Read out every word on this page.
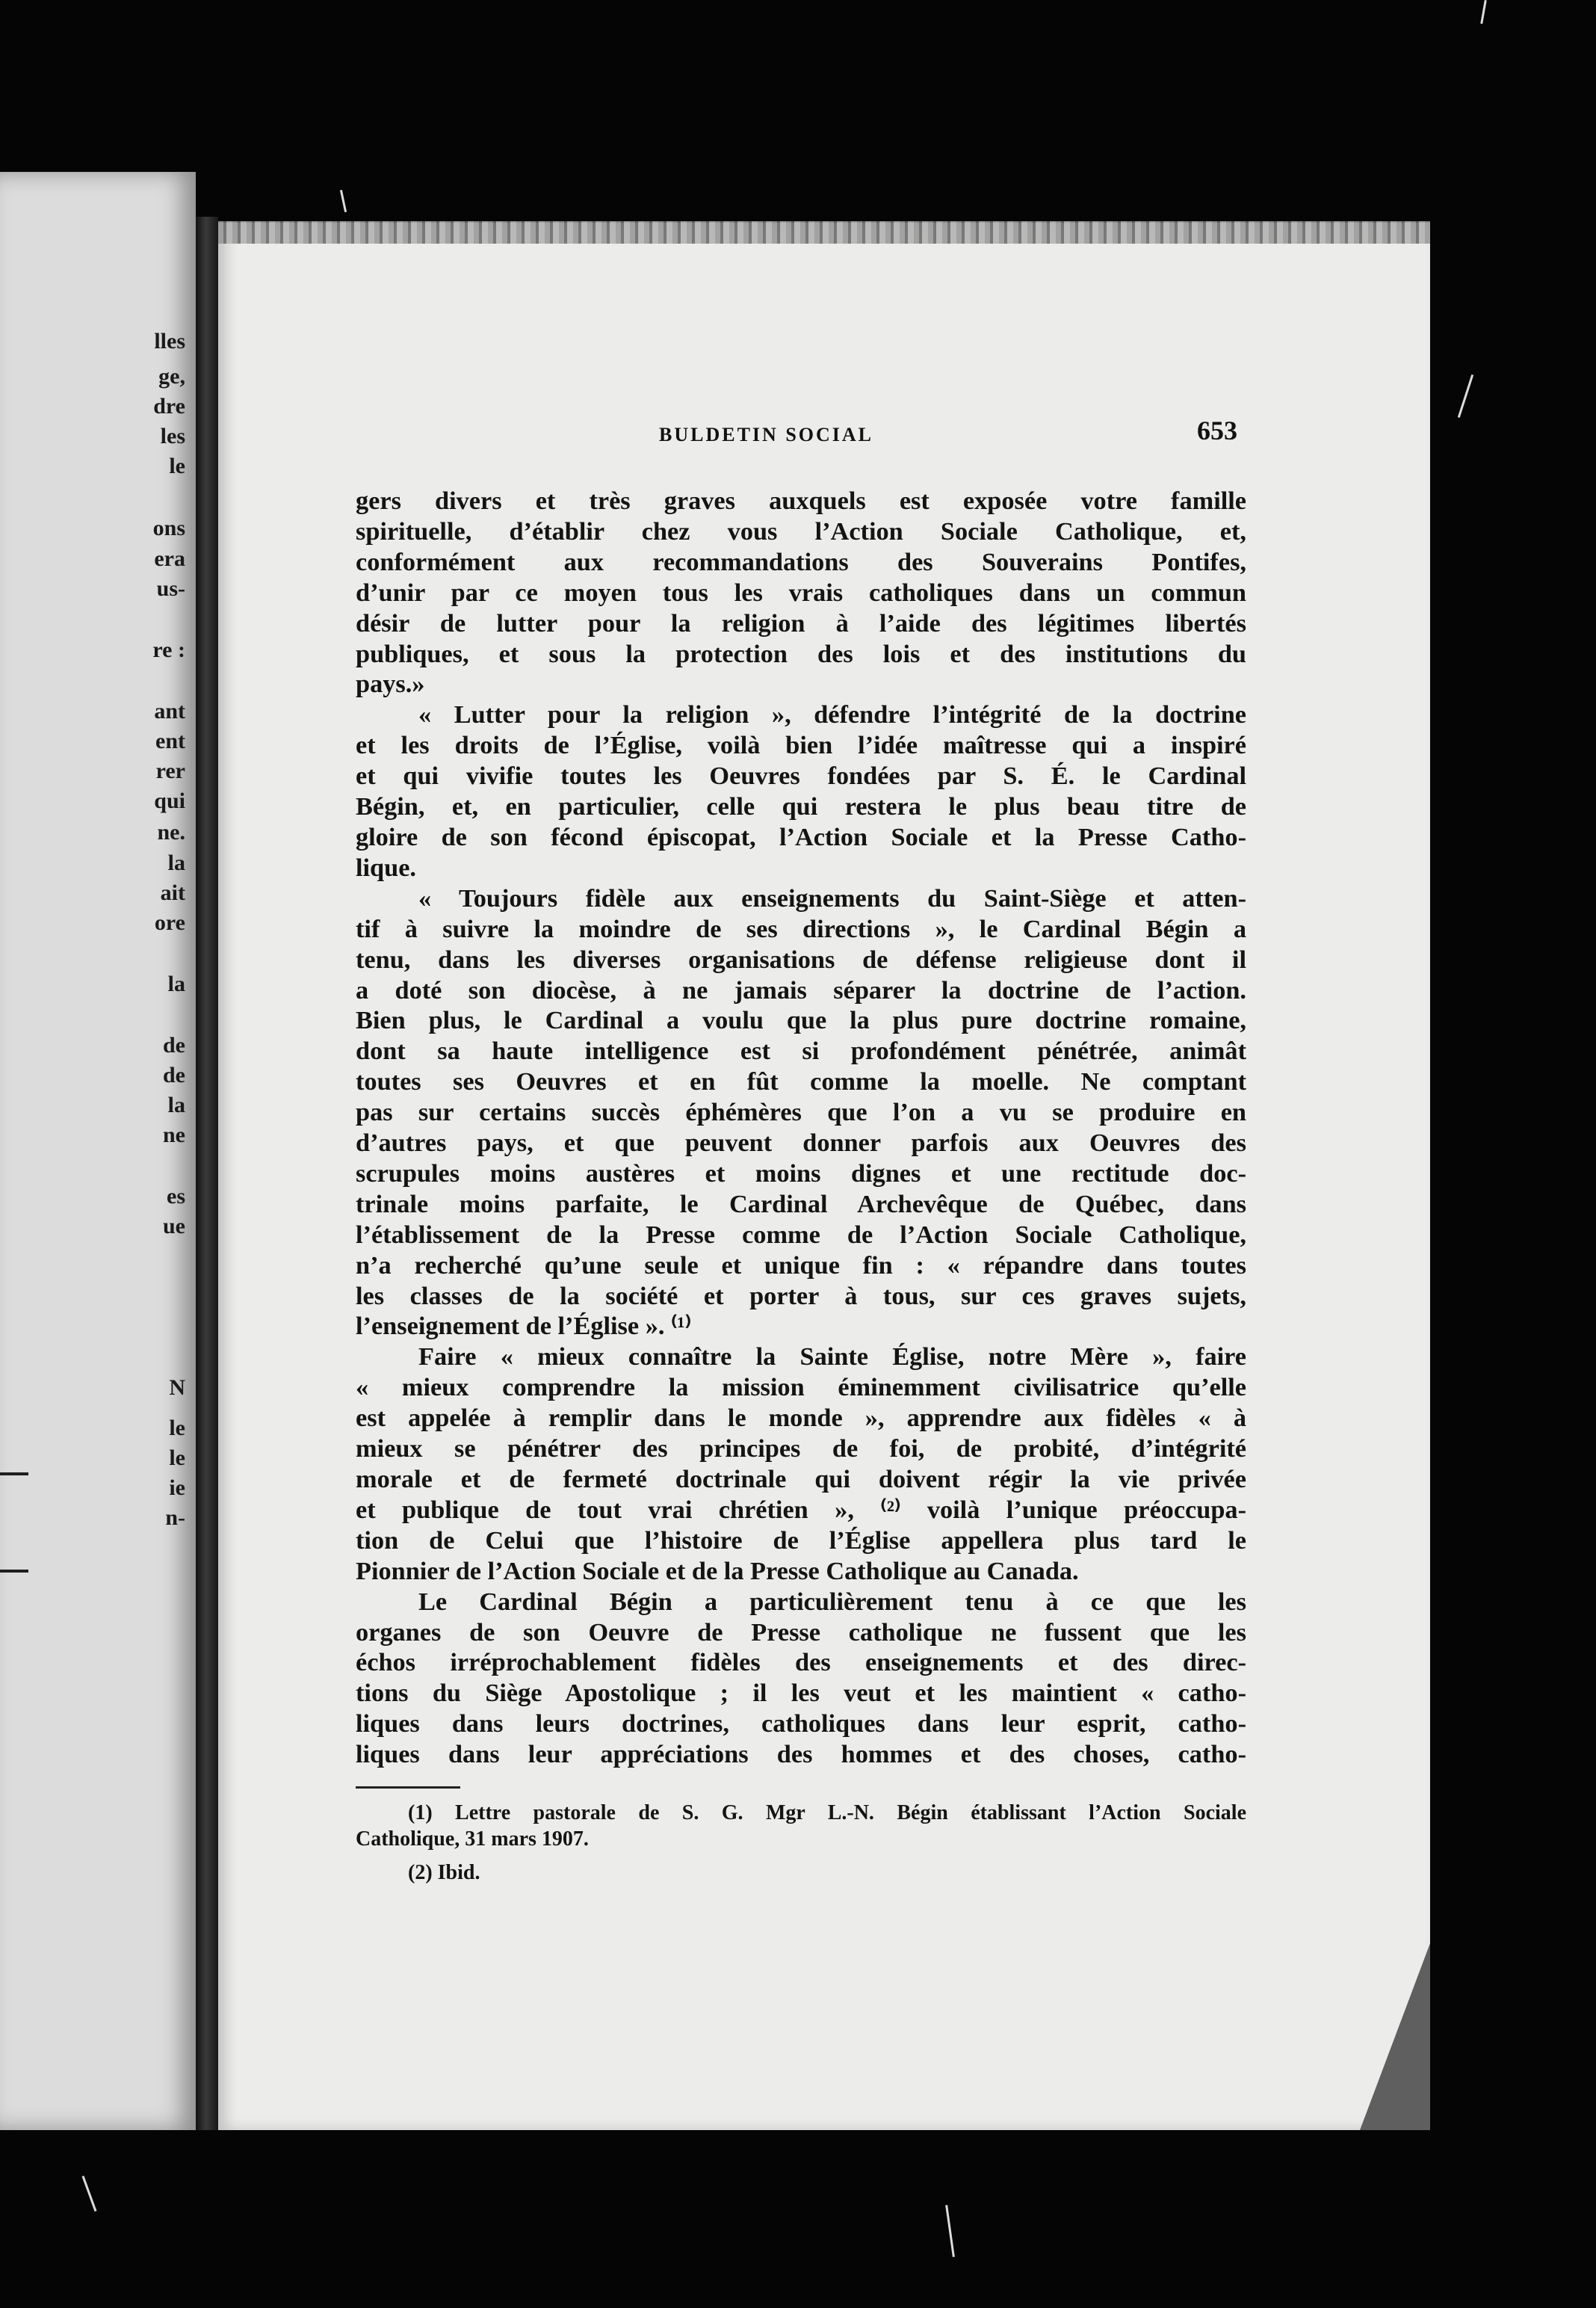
lles
ge,
dre
les
le
ons
era
us-
re :
ant
ent
rer
qui
ne.
la
ait
ore
la
de
de
la
ne
es
ue
N
le
le
ie
n-
BULDETIN SOCIAL	653
gers divers et très graves auxquels est exposée votre famille
spirituelle, d’établir chez vous l’Action Sociale Catholique, et,
conformément aux recommandations des Souverains Pontifes,
d’unir par ce moyen tous les vrais catholiques dans un commun
désir de lutter pour la religion à l’aide des légitimes libertés
publiques, et sous la protection des lois et des institutions du
pays.»
« Lutter pour la religion », défendre l’intégrité de la doctrine
et les droits de l’Église, voilà bien l’idée maîtresse qui a inspiré
et qui vivifie toutes les Oeuvres fondées par S. É. le Cardinal
Bégin, et, en particulier, celle qui restera le plus beau titre de
gloire de son fécond épiscopat, l’Action Sociale et la Presse Catho-
lique.
« Toujours fidèle aux enseignements du Saint-Siège et atten-
tif à suivre la moindre de ses directions », le Cardinal Bégin a
tenu, dans les diverses organisations de défense religieuse dont il
a doté son diocèse, à ne jamais séparer la doctrine de l’action.
Bien plus, le Cardinal a voulu que la plus pure doctrine romaine,
dont sa haute intelligence est si profondément pénétrée, animât
toutes ses Oeuvres et en fût comme la moelle. Ne comptant
pas sur certains succès éphémères que l’on a vu se produire en
d’autres pays, et que peuvent donner parfois aux Oeuvres des
scrupules moins austères et moins dignes et une rectitude doc-
trinale moins parfaite, le Cardinal Archevêque de Québec, dans
l’établissement de la Presse comme de l’Action Sociale Catholique,
n’a recherché qu’une seule et unique fin : « répandre dans toutes
les classes de la société et porter à tous, sur ces graves sujets,
l’enseignement de l’Église ». ⁽¹⁾
Faire « mieux connaître la Sainte Église, notre Mère », faire
« mieux comprendre la mission éminemment civilisatrice qu’elle
est appelée à remplir dans le monde », apprendre aux fidèles « à
mieux se pénétrer des principes de foi, de probité, d’intégrité
morale et de fermeté doctrinale qui doivent régir la vie privée
et publique de tout vrai chrétien », ⁽²⁾ voilà l’unique préoccupa-
tion de Celui que l’histoire de l’Église appellera plus tard le
Pionnier de l’Action Sociale et de la Presse Catholique au Canada.
Le Cardinal Bégin a particulièrement tenu à ce que les
organes de son Oeuvre de Presse catholique ne fussent que les
échos irréprochablement fidèles des enseignements et des direc-
tions du Siège Apostolique ; il les veut et les maintient « catho-
liques dans leurs doctrines, catholiques dans leur esprit, catho-
liques dans leur appréciations des hommes et des choses, catho-
(1) Lettre pastorale de S. G. Mgr L.-N. Bégin établissant l’Action Sociale
Catholique, 31 mars 1907.
(2) Ibid.
